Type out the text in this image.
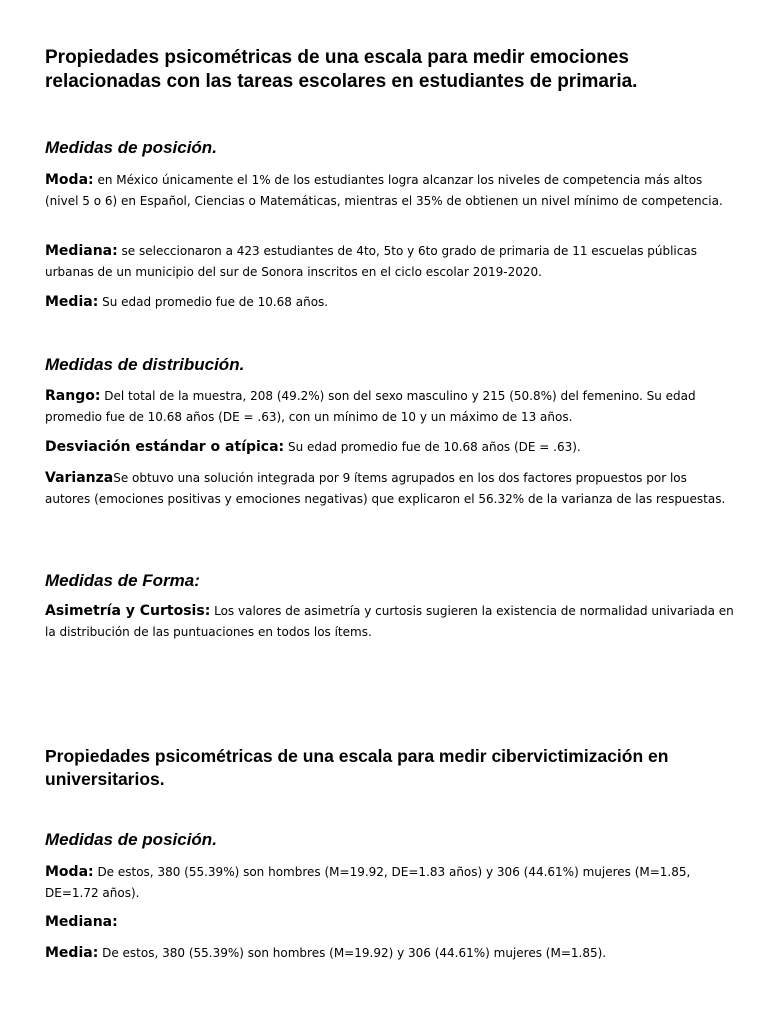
Propiedades psicométricas de una escala para medir emociones relacionadas con las tareas escolares en estudiantes de primaria.
Medidas de posición.

Moda: en México únicamente el 1% de los estudiantes logra alcanzar los niveles de competencia más altos (nivel 5 o 6) en Español, Ciencias o Matemáticas, mientras el 35% de obtienen un nivel mínimo de competencia.

Mediana: se seleccionaron a 423 estudiantes de 4to, 5to y 6to grado de primaria de 11 escuelas públicas urbanas de un municipio del sur de Sonora inscritos en el ciclo escolar 2019-2020.

Media: Su edad promedio fue de 10.68 años.

Medidas de distribución.

Rango: Del total de la muestra, 208 (49.2%) son del sexo masculino y 215 (50.8%) del femenino. Su edad promedio fue de 10.68 años (DE = .63), con un mínimo de 10 y un máximo de 13 años.

Desviación estándar o atípica: Su edad promedio fue de 10.68 años (DE = .63).

VarianzaSe obtuvo una solución integrada por 9 ítems agrupados en los dos factores propuestos por los autores (emociones positivas y emociones negativas) que explicaron el 56.32% de la varianza de las respuestas.

Medidas de Forma:

Asimetría y Curtosis: Los valores de asimetría y curtosis sugieren la existencia de normalidad univariada en la distribución de las puntuaciones en todos los ítems.

Propiedades psicométricas de una escala para medir cibervictimización en universitarios.
Medidas de posición.

Moda: De estos, 380 (55.39%) son hombres (M=19.92, DE=1.83 años) y 306 (44.61%) mujeres (M=1.85, DE=1.72 años).

Mediana:

Media: De estos, 380 (55.39%) son hombres (M=19.92) y 306 (44.61%) mujeres (M=1.85).
